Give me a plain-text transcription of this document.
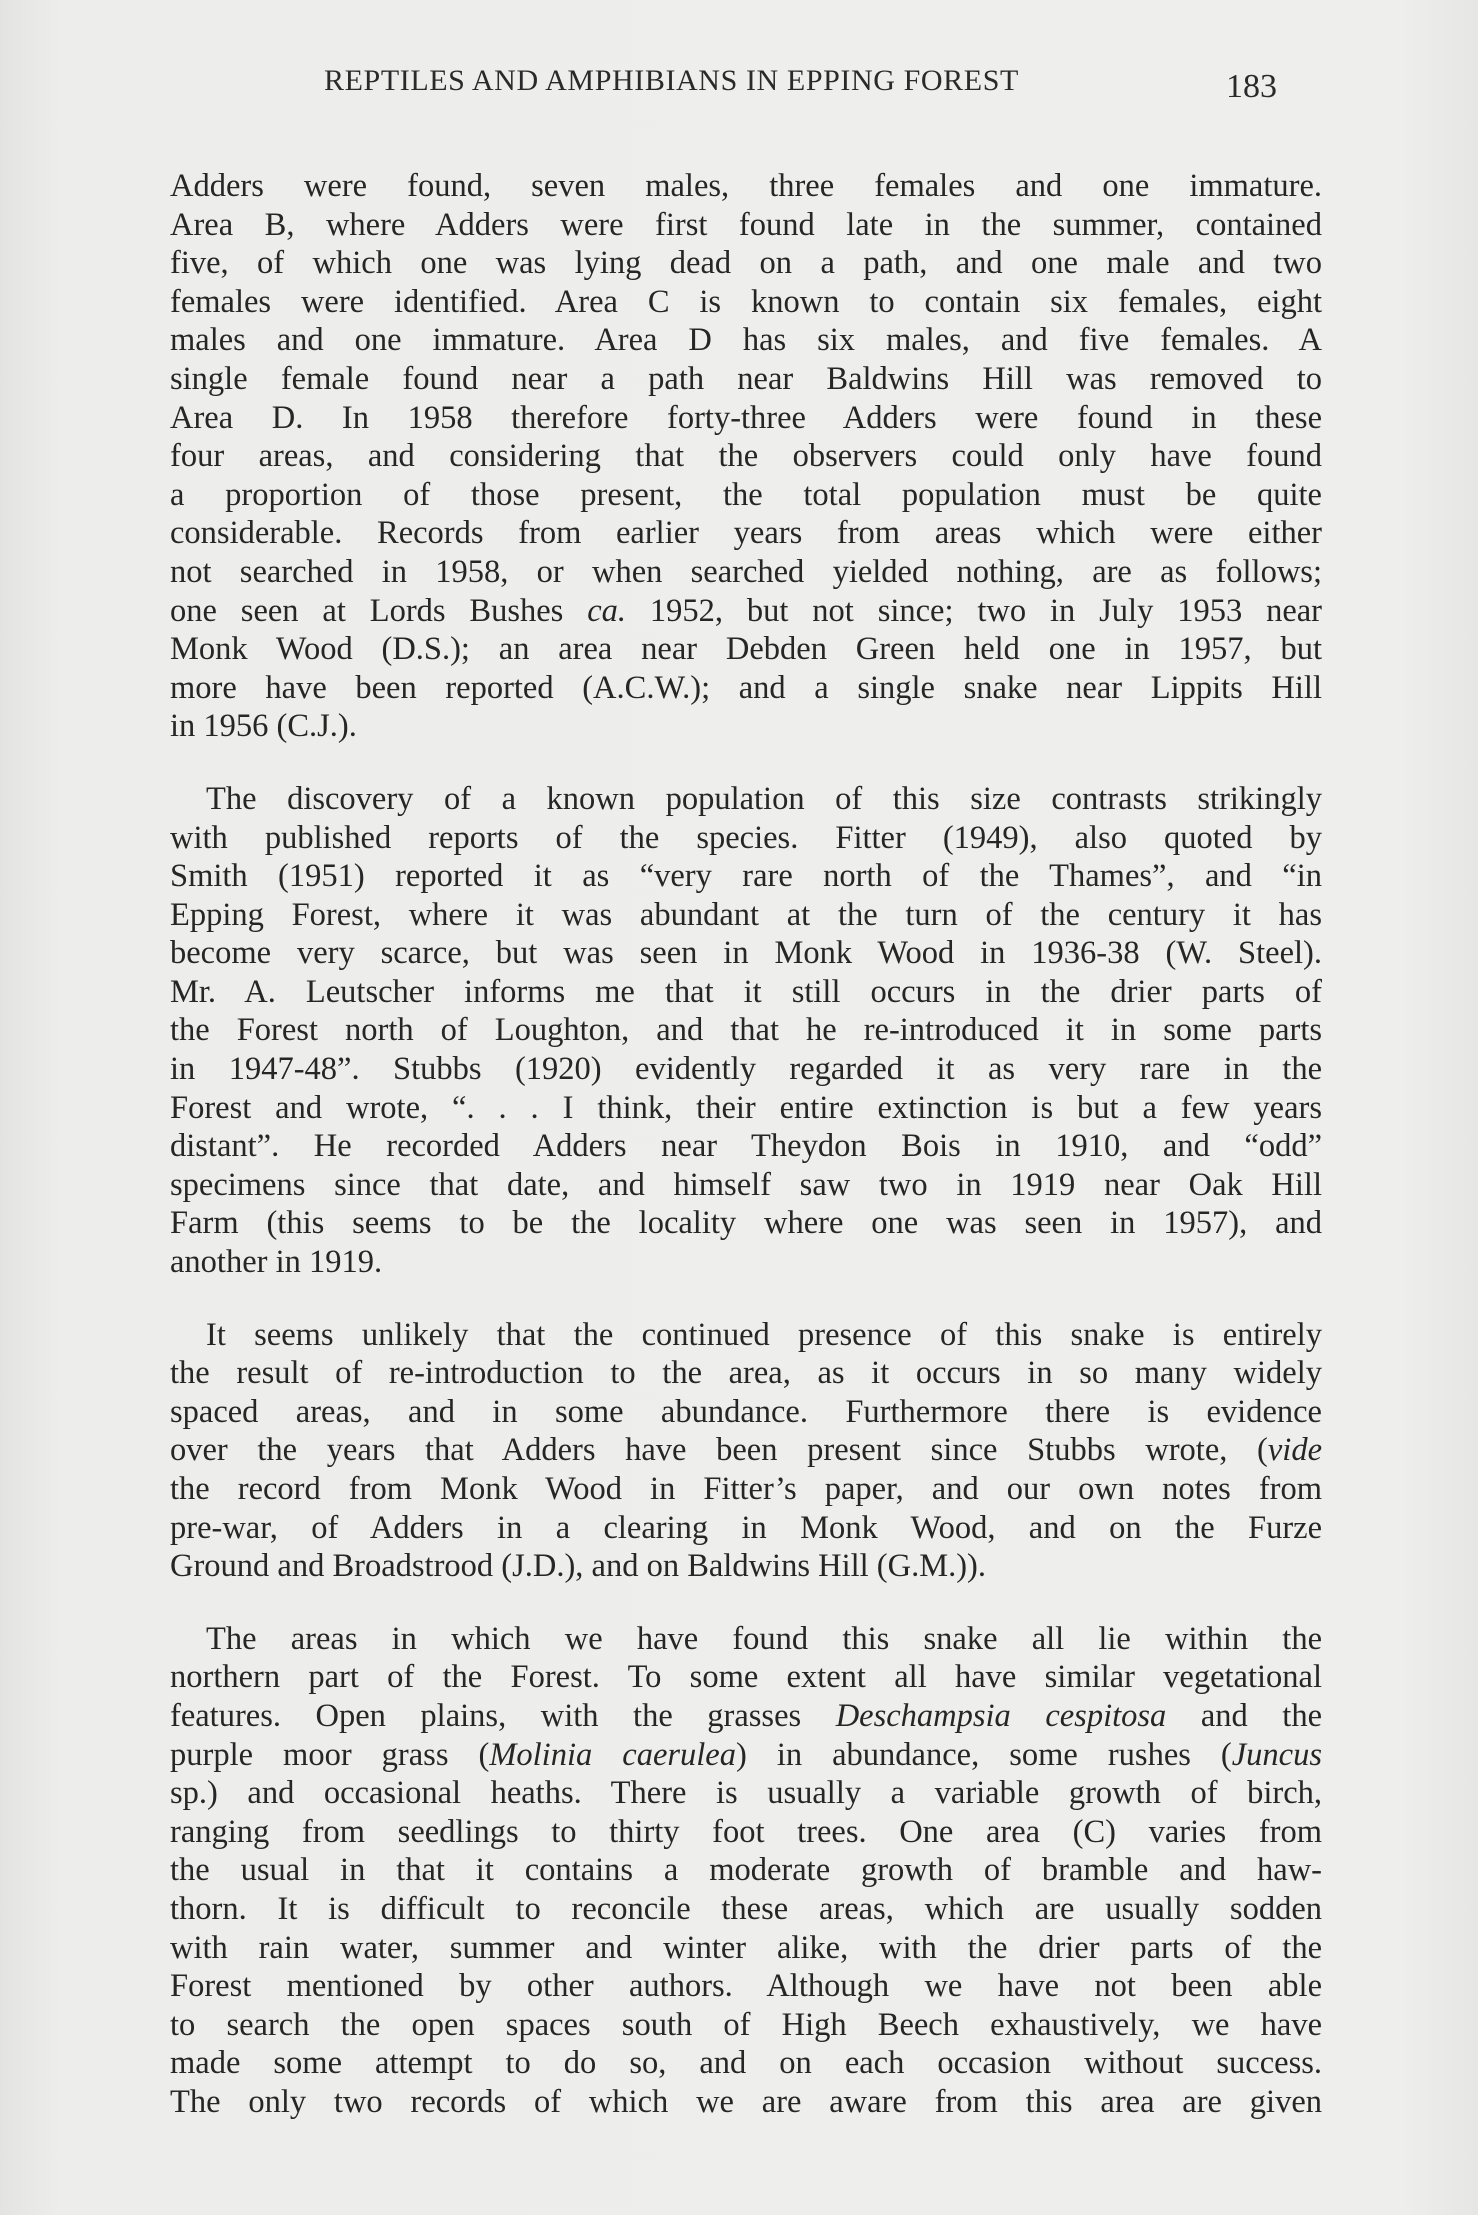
REPTILES AND AMPHIBIANS IN EPPING FOREST	183
Adders were found, seven males, three females and one immature.
Area B, where Adders were first found late in the summer, contained
five, of which one was lying dead on a path, and one male and two
females were identified. Area C is known to contain six females, eight
males and one immature. Area D has six males, and five females. A
single female found near a path near Baldwins Hill was removed to
Area D. In 1958 therefore forty-three Adders were found in these
four areas, and considering that the observers could only have found
a proportion of those present, the total population must be quite
considerable. Records from earlier years from areas which were either
not searched in 1958, or when searched yielded nothing, are as follows;
one seen at Lords Bushes ca. 1952, but not since; two in July 1953 near
Monk Wood (D.S.); an area near Debden Green held one in 1957, but
more have been reported (A.C.W.); and a single snake near Lippits Hill
in 1956 (C.J.).
The discovery of a known population of this size contrasts strikingly
with published reports of the species. Fitter (1949), also quoted by
Smith (1951) reported it as “very rare north of the Thames”, and “in
Epping Forest, where it was abundant at the turn of the century it has
become very scarce, but was seen in Monk Wood in 1936-38 (W. Steel).
Mr. A. Leutscher informs me that it still occurs in the drier parts of
the Forest north of Loughton, and that he re-introduced it in some parts
in 1947-48”. Stubbs (1920) evidently regarded it as very rare in the
Forest and wrote, “. . . I think, their entire extinction is but a few years
distant”. He recorded Adders near Theydon Bois in 1910, and “odd”
specimens since that date, and himself saw two in 1919 near Oak Hill
Farm (this seems to be the locality where one was seen in 1957), and
another in 1919.
It seems unlikely that the continued presence of this snake is entirely
the result of re-introduction to the area, as it occurs in so many widely
spaced areas, and in some abundance. Furthermore there is evidence
over the years that Adders have been present since Stubbs wrote, (vide
the record from Monk Wood in Fitter’s paper, and our own notes from
pre-war, of Adders in a clearing in Monk Wood, and on the Furze
Ground and Broadstrood (J.D.), and on Baldwins Hill (G.M.)).
The areas in which we have found this snake all lie within the
northern part of the Forest. To some extent all have similar vegetational
features. Open plains, with the grasses Deschampsia cespitosa and the
purple moor grass (Molinia caerulea) in abundance, some rushes (Juncus
sp.) and occasional heaths. There is usually a variable growth of birch,
ranging from seedlings to thirty foot trees. One area (C) varies from
the usual in that it contains a moderate growth of bramble and haw-
thorn. It is difficult to reconcile these areas, which are usually sodden
with rain water, summer and winter alike, with the drier parts of the
Forest mentioned by other authors. Although we have not been able
to search the open spaces south of High Beech exhaustively, we have
made some attempt to do so, and on each occasion without success.
The only two records of which we are aware from this area are given
